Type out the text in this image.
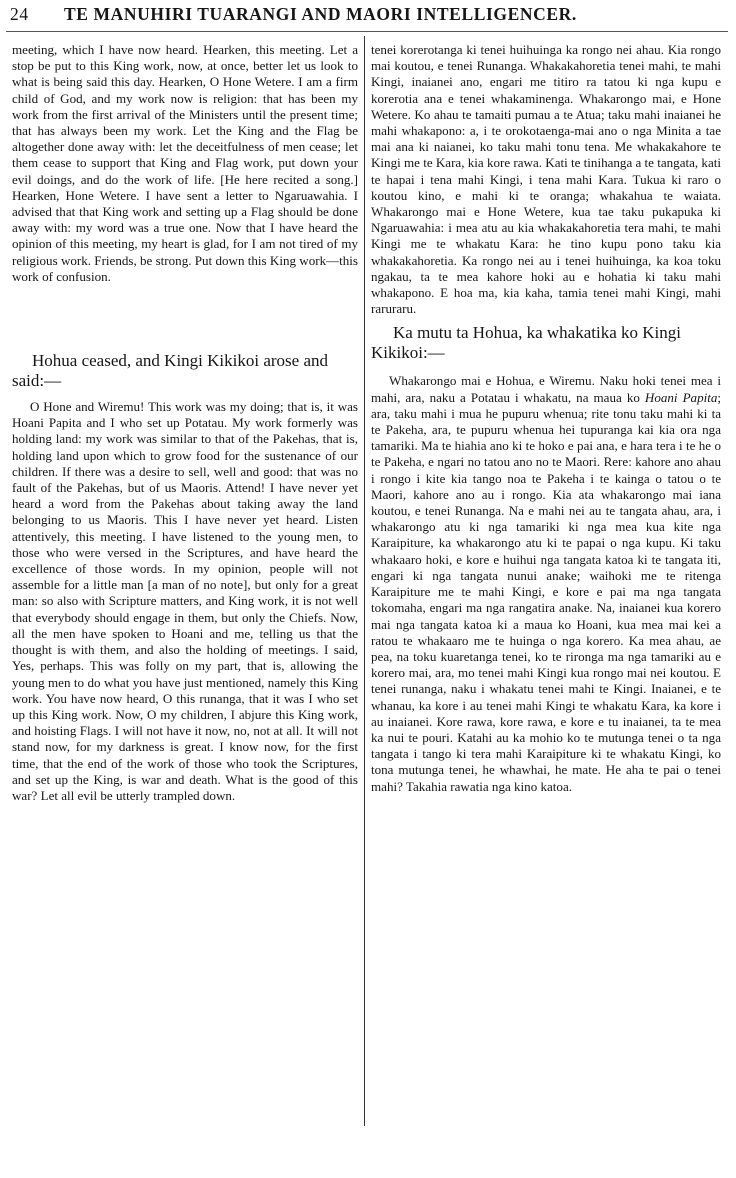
24 TE MANUHIRI TUARANGI AND MAORI INTELLIGENCER.

meeting, which I have now heard. Hearken, this meeting. Let a stop be put to this King work, now, at once, better let us look to what is being said this day. Hearken, O Hone Wetere. I am a firm child of God, and my work now is religion: that has been my work from the first arrival of the Ministers until the present time; that has always been my work. Let the King and the Flag be altogether done away with: let the deceitfulness of men cease; let them cease to support that King and Flag work, put down your evil doings, and do the work of life. [He here recited a song.] Hearken, Hone Wetere. I have sent a letter to Ngaruawahia. I advised that that King work and setting up a Flag should be done away with: my word was a true one. Now that I have heard the opinion of this meeting, my heart is glad, for I am not tired of my religious work. Friends, be strong. Put down this King work—this work of confusion.

Hohua ceased, and Kingi Kikikoi arose and said:—

O Hone and Wiremu! This work was my doing; that is, it was Hoani Papita and I who set up Potatau. My work formerly was holding land: my work was similar to that of the Pakehas, that is, holding land upon which to grow food for the sustenance of our children. If there was a desire to sell, well and good: that was no fault of the Pakehas, but of us Maoris. Attend! I have never yet heard a word from the Pakehas about taking away the land belonging to us Maoris. This I have never yet heard. Listen attentively, this meeting. I have listened to the young men, to those who were versed in the Scriptures, and have heard the excellence of those words. In my opinion, people will not assemble for a little man [a man of no note], but only for a great man: so also with Scripture matters, and King work, it is not well that everybody should engage in them, but only the Chiefs. Now, all the men have spoken to Hoani and me, telling us that the thought is with them, and also the holding of meetings. I said, Yes, perhaps. This was folly on my part, that is, allowing the young men to do what you have just mentioned, namely this King work. You have now heard, O this runanga, that it was I who set up this King work. Now, O my children, I abjure this King work, and hoisting Flags. I will not have it now, no, not at all. It will not stand now, for my darkness is great. I know now, for the first time, that the end of the work of those who took the Scriptures, and set up the King, is war and death. What is the good of this war? Let all evil be utterly trampled down.

tenei korerotanga ki tenei huihuinga ka rongo nei ahau. Kia rongo mai koutou, e tenei Runanga. Whakakahoretia tenei mahi, te mahi Kingi, inaianei ano, engari me titiro ra tatou ki nga kupu e korerotia ana e tenei whakaminenga. Whakarongo mai, e Hone Wetere. Ko ahau te tamaiti pumau a te Atua; taku mahi inaianei he mahi whakapono: a, i te orokotaenga-mai ano o nga Minita a tae mai ana ki naianei, ko taku mahi tonu tena. Me whakakahore te Kingi me te Kara, kia kore rawa. Kati te tinihanga a te tangata, kati te hapai i tena mahi Kingi, i tena mahi Kara. Tukua ki raro o koutou kino, e mahi ki te oranga; whakahua te waiata. Whakarongo mai e Hone Wetere, kua tae taku pukapuka ki Ngaruawahia: i mea atu au kia whakakahoretia tera mahi, te mahi Kingi me te whakatu Kara: he tino kupu pono taku kia whakakahoretia. Ka rongo nei au i tenei huihuinga, ka koa toku ngakau, ta te mea kahore hoki au e hohatia ki taku mahi whakapono. E hoa ma, kia kaha, tamia tenei mahi Kingi, mahi raruraru.

Ka mutu ta Hohua, ka whakatika ko Kingi Kikikoi:—

Whakarongo mai e Hohua, e Wiremu. Naku hoki tenei mea i mahi, ara, naku a Potatau i whakatu, na maua ko Hoani Papita; ara, taku mahi i mua he pupuru whenua; rite tonu taku mahi ki ta te Pakeha, ara, te pupuru whenua hei tupuranga kai kia ora nga tamariki. Ma te hiahia ano ki te hoko e pai ana, e hara tera i te he o te Pakeha, e ngari no tatou ano no te Maori. Rere: kahore ano ahau i rongo i kite kia tango noa te Pakeha i te kainga o tatou o te Maori, kahore ano au i rongo. Kia ata whakarongo mai iana koutou, e tenei Runanga. Na e mahi nei au te tangata ahau, ara, i whakarongo atu ki nga tamariki ki nga mea kua kite nga Karaipiture, ka whakarongo atu ki te papai o nga kupu. Ki taku whakaaro hoki, e kore e huihui nga tangata katoa ki te tangata iti, engari ki nga tangata nunui anake; waihoki me te ritenga Karaipiture me te mahi Kingi, e kore e pai ma nga tangata tokomaha, engari ma nga rangatira anake. Na, inaianei kua korero mai nga tangata katoa ki a maua ko Hoani, kua mea mai kei a ratou te whakaaro me te huinga o nga korero. Ka mea ahau, ae pea, na toku kuaretanga tenei, ko te rironga ma nga tamariki au e korero mai, ara, mo tenei mahi Kingi kua rongo mai nei koutou. E tenei runanga, naku i whakatu tenei mahi te Kingi. Inaianei, e te whanau, ka kore i au tenei mahi Kingi te whakatu Kara, ka kore i au inaianei. Kore rawa, kore rawa, e kore e tu inaianei, ta te mea ka nui te pouri. Katahi au ka mohio ko te mutunga tenei o ta nga tangata i tango ki tera mahi Karaipiture ki te whakatu Kingi, ko tona mutunga tenei, he whawhai, he mate. He aha te pai o tenei mahi? Takahia rawatia nga kino katoa.
